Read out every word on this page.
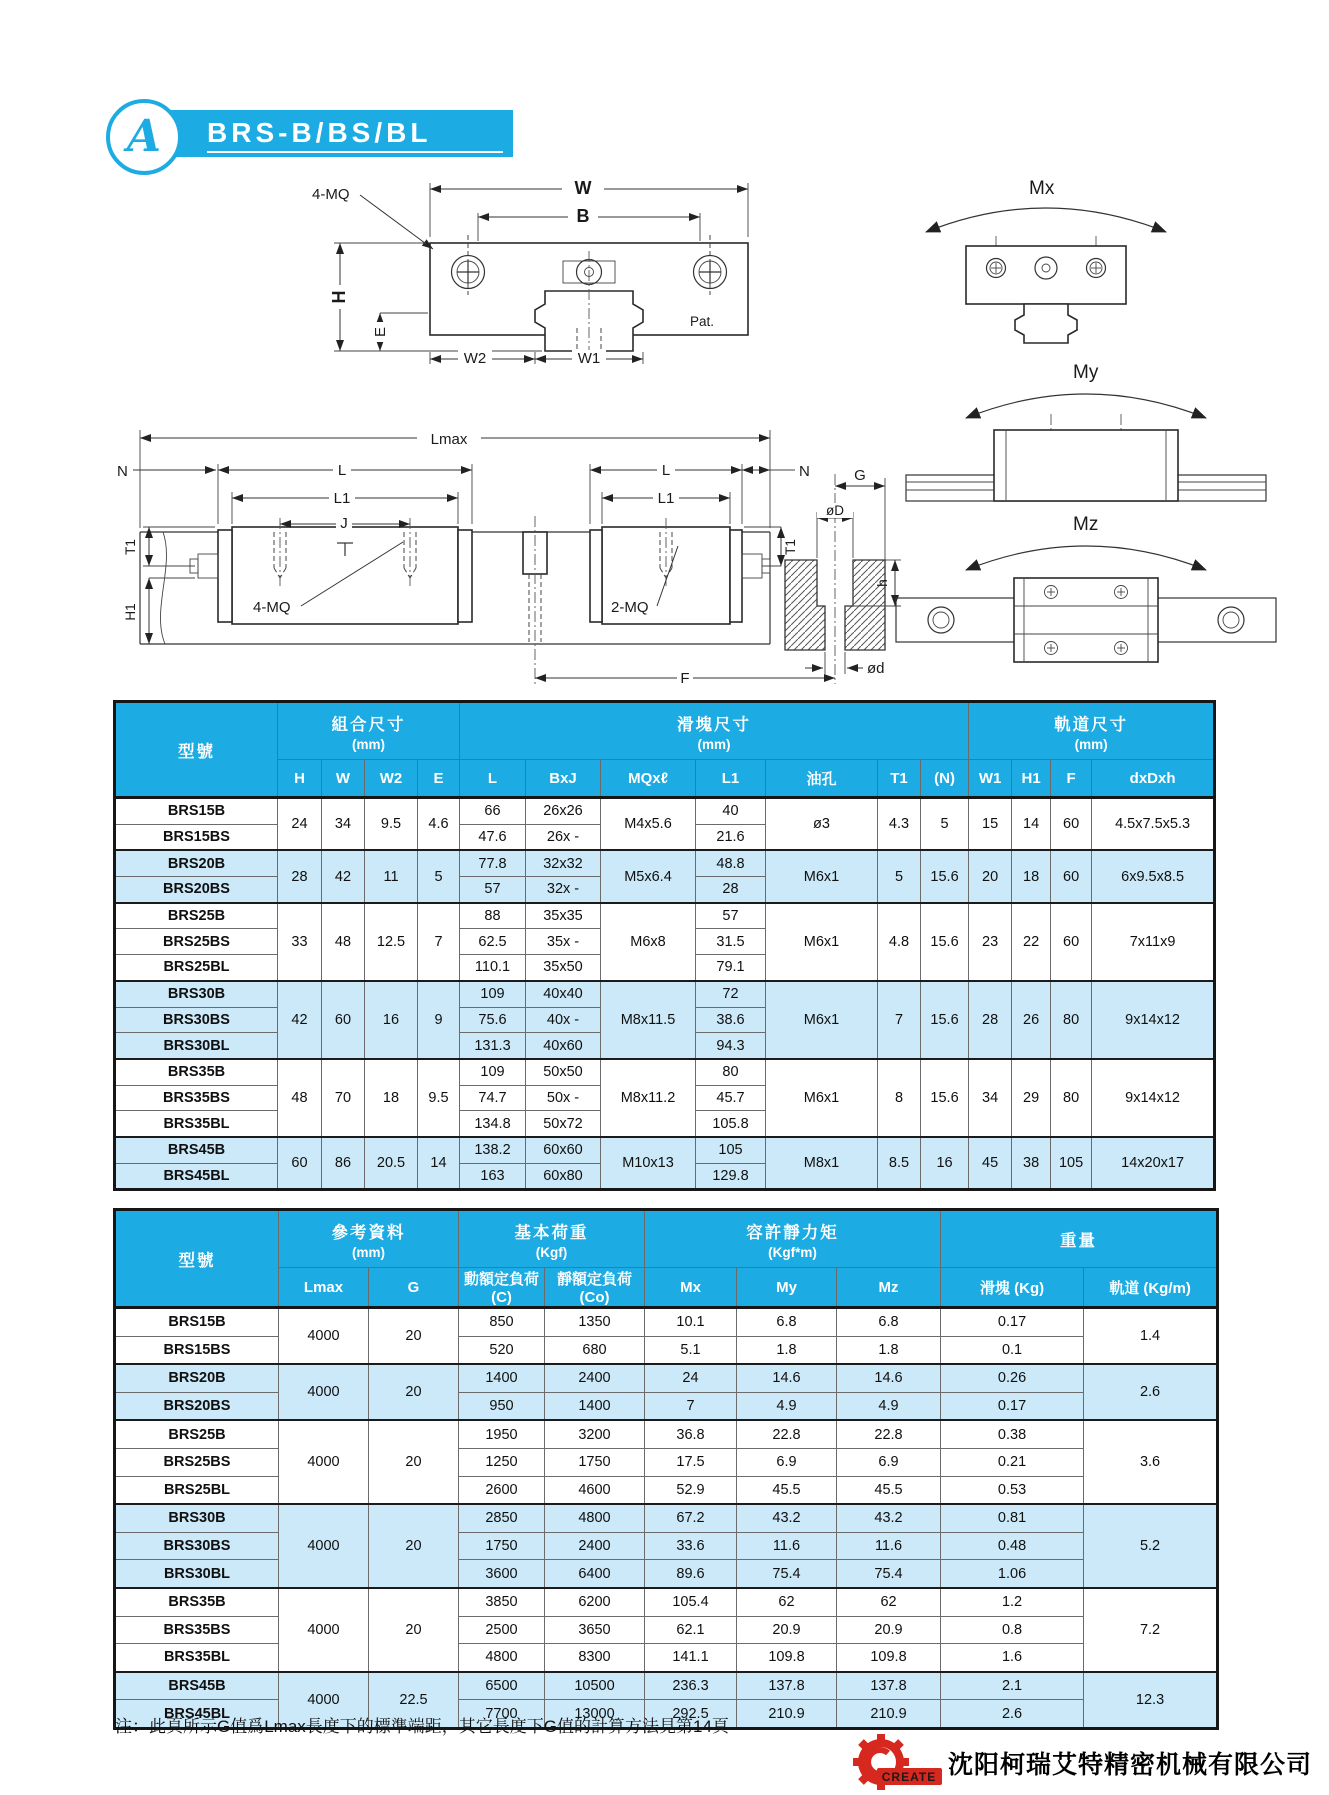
BRS-B/BS/BL
A
Pat.
4-MQ	W
B
H
E
W2	W1
Lmax
N	L
L1
J
T1
H1	4-MQ	2-MQ
L	N
L1
T1
G
øD
h
ød
F
Mx
My
Mz
型號	
組合尺寸
(mm)

滑塊尺寸
(mm)

軌道尺寸
(mm)

	H	W	W2	E	L	BxJ	MQxℓ	L1	油孔	T1	(N)	W1	H1	F	dxDxh
BRS15B	24	34	9.5	4.6	66	26x26	M4x5.6	40	ø3	4.3	5	15	14	60	4.5x7.5x5.3
BRS15BS					47.6	26x -		21.6							
BRS20B	28	42	11	5	77.8	32x32	M5x6.4	48.8	M6x1	5	15.6	20	18	60	6x9.5x8.5
BRS20BS					57	32x -		28							
BRS25B	33	48	12.5	7	88	35x35	M6x8	57	M6x1	4.8	15.6	23	22	60	7x11x9
BRS25BS					62.5	35x -		31.5							
BRS25BL					110.1	35x50		79.1							
BRS30B	42	60	16	9	109	40x40	M8x11.5	72	M6x1	7	15.6	28	26	80	9x14x12
BRS30BS					75.6	40x -		38.6							
BRS30BL					131.3	40x60		94.3							
BRS35B	48	70	18	9.5	109	50x50	M8x11.2	80	M6x1	8	15.6	34	29	80	9x14x12
BRS35BS					74.7	50x -		45.7							
BRS35BL					134.8	50x72		105.8							
BRS45B	60	86	20.5	14	138.2	60x60	M10x13	105	M8x1	8.5	16	45	38	105	14x20x17
BRS45BL					163	60x80		129.8							
型號	
參考資料
(mm)

基本荷重
(Kgf)

容許靜力矩
(Kgf*m)

重量

	Lmax	G	動額定負荷(C)	靜額定負荷(Co)	Mx	My	Mz	滑塊 (Kg)	軌道 (Kg/m)
BRS15B	4000	20	850	1350	10.1	6.8	6.8	0.17	1.4
BRS15BS			520	680	5.1	1.8	1.8	0.1	
BRS20B	4000	20	1400	2400	24	14.6	14.6	0.26	2.6
BRS20BS			950	1400	7	4.9	4.9	0.17	
BRS25B	4000	20	1950	3200	36.8	22.8	22.8	0.38	3.6
BRS25BS			1250	1750	17.5	6.9	6.9	0.21	
BRS25BL			2600	4600	52.9	45.5	45.5	0.53	
BRS30B	4000	20	2850	4800	67.2	43.2	43.2	0.81	5.2
BRS30BS			1750	2400	33.6	11.6	11.6	0.48	
BRS30BL			3600	6400	89.6	75.4	75.4	1.06	
BRS35B	4000	20	3850	6200	105.4	62	62	1.2	7.2
BRS35BS			2500	3650	62.1	20.9	20.9	0.8	
BRS35BL			4800	8300	141.1	109.8	109.8	1.6	
BRS45B	4000	22.5	6500	10500	236.3	137.8	137.8	2.1	12.3
BRS45BL			7700	13000	292.5	210.9	210.9	2.6	
注：此頁所示G值爲Lmax長度下的標準端距，其它長度下G值的計算方法見第14頁
CREATE 沈阳柯瑞艾特精密机械有限公司
